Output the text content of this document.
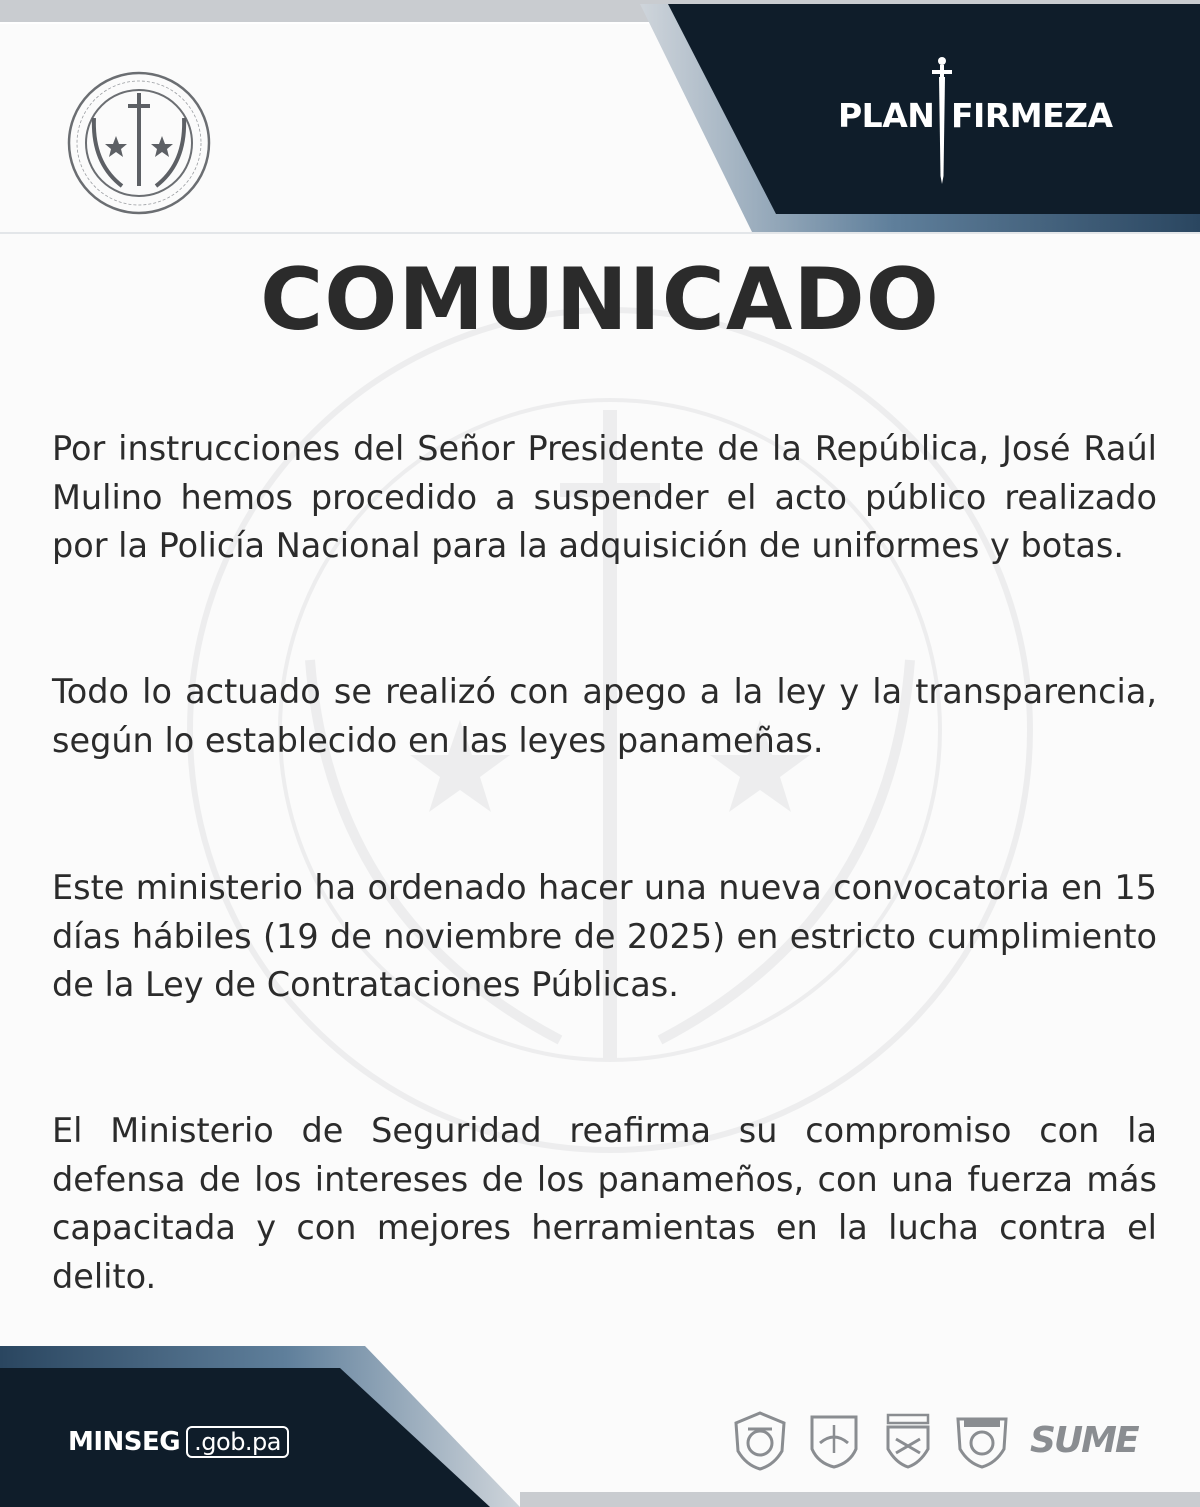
PLAN FIRMEZA
COMUNICADO

Por instrucciones del Señor Presidente de la República, José Raúl Mulino hemos procedido a suspender el acto público realizado por la Policía Nacional para la adquisición de uniformes y botas.

Todo lo actuado se realizó con apego a la ley y la transparencia, según lo establecido en las leyes panameñas.

Este ministerio ha ordenado hacer una nueva convocatoria en 15 días hábiles (19 de noviembre de 2025) en estricto cumplimiento de la Ley de Contrataciones Públicas.

El Ministerio de Seguridad reafirma su compromiso con la defensa de los intereses de los panameños, con una fuerza más capacitada y con mejores herramientas en la lucha contra el delito.

MINSEG .gob.pa	SUME
